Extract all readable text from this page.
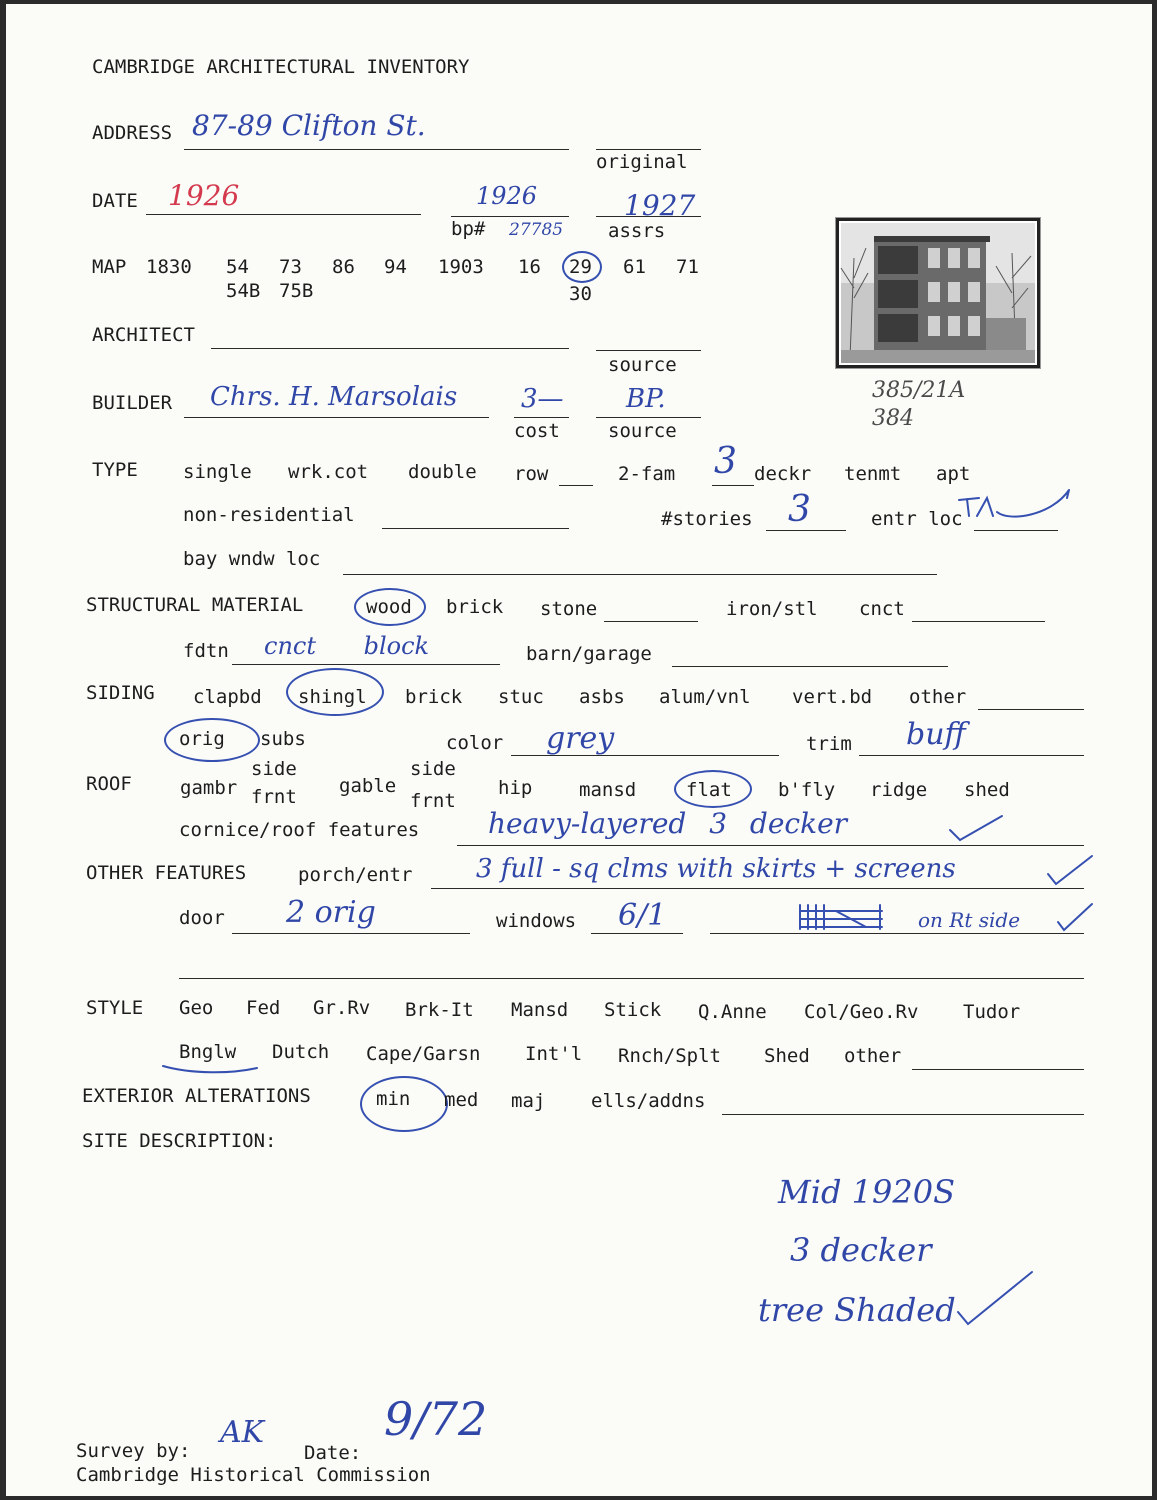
CAMBRIDGE ARCHITECTURAL INVENTORY
ADDRESS 87-89 Clifton St.
original
DATE 1926	1926
bp# 27785
1927
assrs
385/21A
384
MAP 1830 54 73 86 94 1903 16 29 61 71
54B 75B	30
ARCHITECT
source
BUILDER Chrs. H. Marsolais 3—
cost
BP.
source
TYPE single wrk.cot double row	2-fam 3 deckr tenmt apt
non-residential	#stories 3	entr loc
bay wndw loc
STRUCTURAL MATERIAL	wood brick stone	iron/stl cnct
fdtn cnct block	barn/garage
SIDING clapbd shingl brick stuc asbs alum/vnl vert.bd other
orig subs	color grey	trim buff
ROOF	gambr
side
frnt gable
side
frnt
hip mansd	flat b'fly ridge shed
cornice/roof features heavy-layered 3 decker
OTHER FEATURES	porch/entr 3 full - sq clms with skirts + screens
door 2 orig	windows 6/1	on Rt side
STYLE Geo Fed Gr.Rv Brk-It Mansd Stick Q.Anne Col/Geo.Rv Tudor
Bnglw Dutch Cape/Garsn Int'l Rnch/Splt Shed other
EXTERIOR ALTERATIONS	min med maj ells/addns
SITE DESCRIPTION:
Mid 1920S
3 decker
tree Shaded
Survey by:
AK
Date:
9/72
Cambridge Historical Commission
